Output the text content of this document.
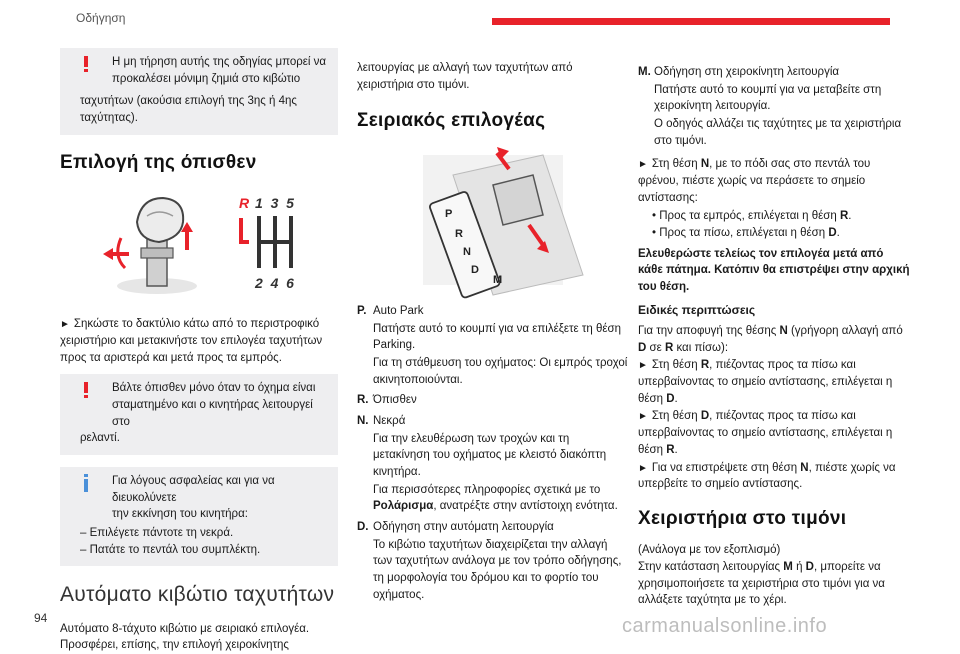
Οδήγηση

Η μη τήρηση αυτής της οδηγίας μπορεί να
προκαλέσει μόνιμη ζημιά στο κιβώτιο

ταχυτήτων (ακούσια επιλογή της 3ης ή 4ης
ταχύτητας).

Επιλογή της όπισθεν
R 1  3  5
2  4  6

► Σηκώστε το δακτύλιο κάτω από το περιστροφικό χειριστήριο και μετακινήστε τον επιλογέα ταχυτήτων προς τα αριστερά και μετά προς τα εμπρός.

Βάλτε όπισθεν μόνο όταν το όχημα είναι
σταματημένο και ο κινητήρας λειτουργεί στο

ρελαντί.

Για λόγους ασφαλείας και για να διευκολύνετε
την εκκίνηση του κινητήρα:

– Επιλέγετε πάντοτε τη νεκρά.
– Πατάτε το πεντάλ του συμπλέκτη.
Αυτόματο κιβώτιο ταχυτήτων

Αυτόματο 8-τάχυτο κιβώτιο με σειριακό επιλογέα.
Προσφέρει, επίσης, την επιλογή χειροκίνητης

λειτουργίας με αλλαγή των ταχυτήτων από χειριστήρια στο τιμόνι.

Σειριακός επιλογέας
P
R
N
D
M
P. Auto Park

Πατήστε αυτό το κουμπί για να επιλέξετε τη θέση Parking.

Για τη στάθμευση του οχήματος: Οι εμπρός τροχοί ακινητοποιούνται.

R. Όπισθεν

N. Νεκρά

Για την ελευθέρωση των τροχών και τη μετακίνηση του οχήματος με κλειστό διακόπτη κινητήρα.

Για περισσότερες πληροφορίες σχετικά με το Ρολάρισμα, ανατρέξτε στην αντίστοιχη ενότητα.

D. Οδήγηση στην αυτόματη λειτουργία

Το κιβώτιο ταχυτήτων διαχειρίζεται την αλλαγή των ταχυτήτων ανάλογα με τον τρόπο οδήγησης, τη μορφολογία του δρόμου και το φορτίο του οχήματος.

M. Οδήγηση στη χειροκίνητη λειτουργία

Πατήστε αυτό το κουμπί για να μεταβείτε στη χειροκίνητη λειτουργία.

Ο οδηγός αλλάζει τις ταχύτητες με τα χειριστήρια στο τιμόνι.

► Στη θέση N, με το πόδι σας στο πεντάλ του φρένου, πιέστε χωρίς να περάσετε το σημείο αντίστασης:

• Προς τα εμπρός, επιλέγεται η θέση R.
• Προς τα πίσω, επιλέγεται η θέση D.

Ελευθερώστε τελείως τον επιλογέα μετά από κάθε πάτημα. Κατόπιν θα επιστρέψει στην αρχική του θέση.

Ειδικές περιπτώσεις

Για την αποφυγή της θέσης N (γρήγορη αλλαγή από D σε R και πίσω):

► Στη θέση R, πιέζοντας προς τα πίσω και υπερβαίνοντας το σημείο αντίστασης, επιλέγεται η θέση D.

► Στη θέση D, πιέζοντας προς τα πίσω και υπερβαίνοντας το σημείο αντίστασης, επιλέγεται η θέση R.

► Για να επιστρέψετε στη θέση N, πιέστε χωρίς να υπερβείτε το σημείο αντίστασης.

Χειριστήρια στο τιμόνι

(Ανάλογα με τον εξοπλισμό)

Στην κατάσταση λειτουργίας M ή D, μπορείτε να χρησιμοποιήσετε τα χειριστήρια στο τιμόνι για να αλλάξετε ταχύτητα με το χέρι.

94	carmanualsonline.info
